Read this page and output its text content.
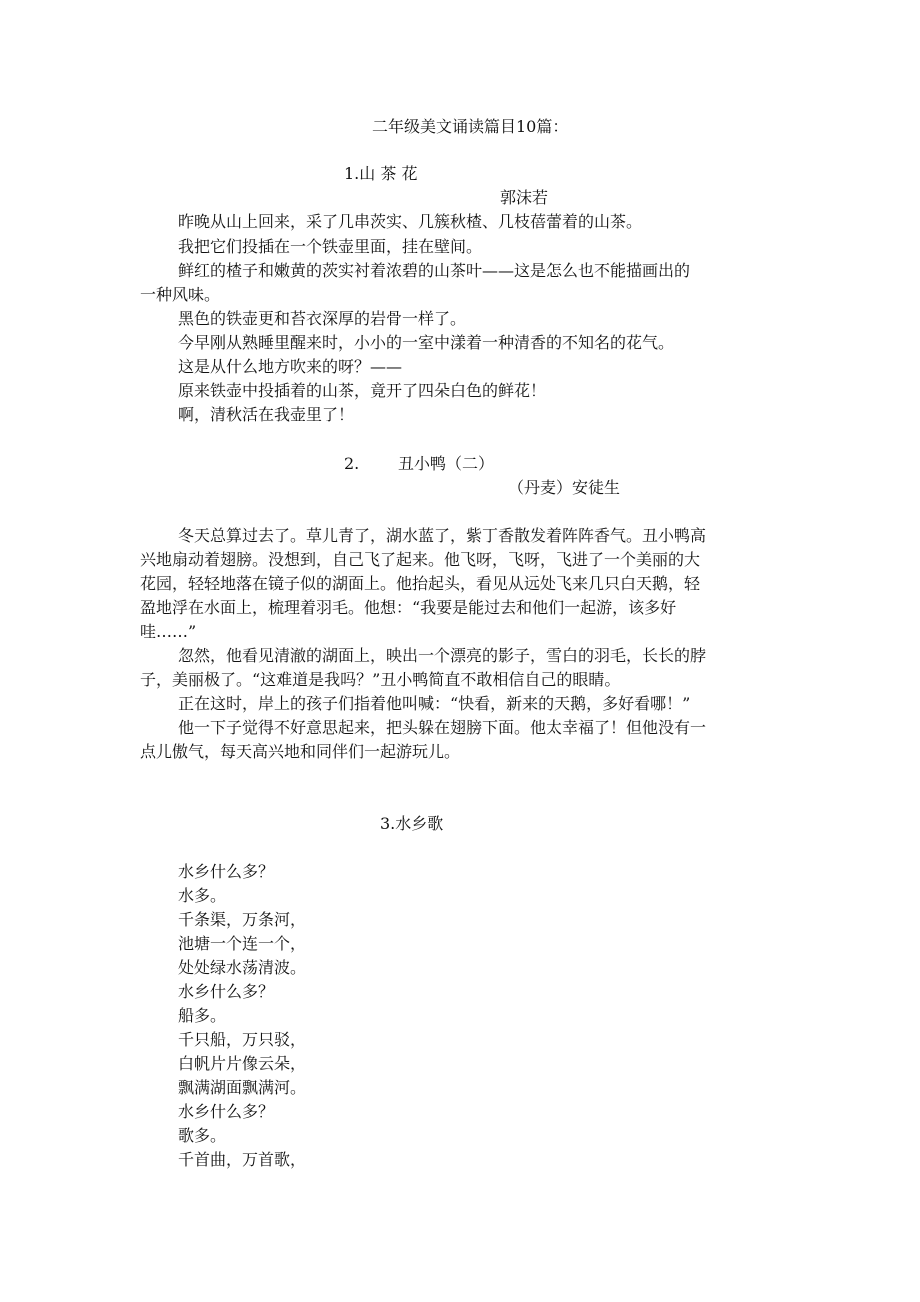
二年级美文诵读篇目10篇：
1.山 茶 花
郭沫若
昨晚从山上回来，采了几串茨实、几簇秋楂、几枝蓓蕾着的山茶。
我把它们投插在一个铁壶里面，挂在壁间。
鲜红的楂子和嫩黄的茨实衬着浓碧的山茶叶——这是怎么也不能描画出的
一种风味。
黑色的铁壶更和苔衣深厚的岩骨一样了。
今早刚从熟睡里醒来时，小小的一室中漾着一种清香的不知名的花气。
这是从什么地方吹来的呀？——
原来铁壶中投插着的山茶，竟开了四朵白色的鲜花！
啊，清秋活在我壶里了！
2. 丑小鸭（二）
（丹麦）安徒生
冬天总算过去了。草儿青了，湖水蓝了，紫丁香散发着阵阵香气。丑小鸭高
兴地扇动着翅膀。没想到，自己飞了起来。他飞呀，飞呀，飞进了一个美丽的大
花园，轻轻地落在镜子似的湖面上。他抬起头，看见从远处飞来几只白天鹅，轻
盈地浮在水面上，梳理着羽毛。他想：“我要是能过去和他们一起游，该多好
哇……”
忽然，他看见清澈的湖面上，映出一个漂亮的影子，雪白的羽毛，长长的脖
子，美丽极了。“这难道是我吗？”丑小鸭简直不敢相信自己的眼睛。
正在这时，岸上的孩子们指着他叫喊：“快看，新来的天鹅，多好看哪！”
他一下子觉得不好意思起来，把头躲在翅膀下面。他太幸福了！但他没有一
点儿傲气，每天高兴地和同伴们一起游玩儿。
3.水乡歌
水乡什么多？
水多。
千条渠，万条河，
池塘一个连一个，
处处绿水荡清波。
水乡什么多？
船多。
千只船，万只驳，
白帆片片像云朵，
飘满湖面飘满河。
水乡什么多？
歌多。
千首曲，万首歌，
